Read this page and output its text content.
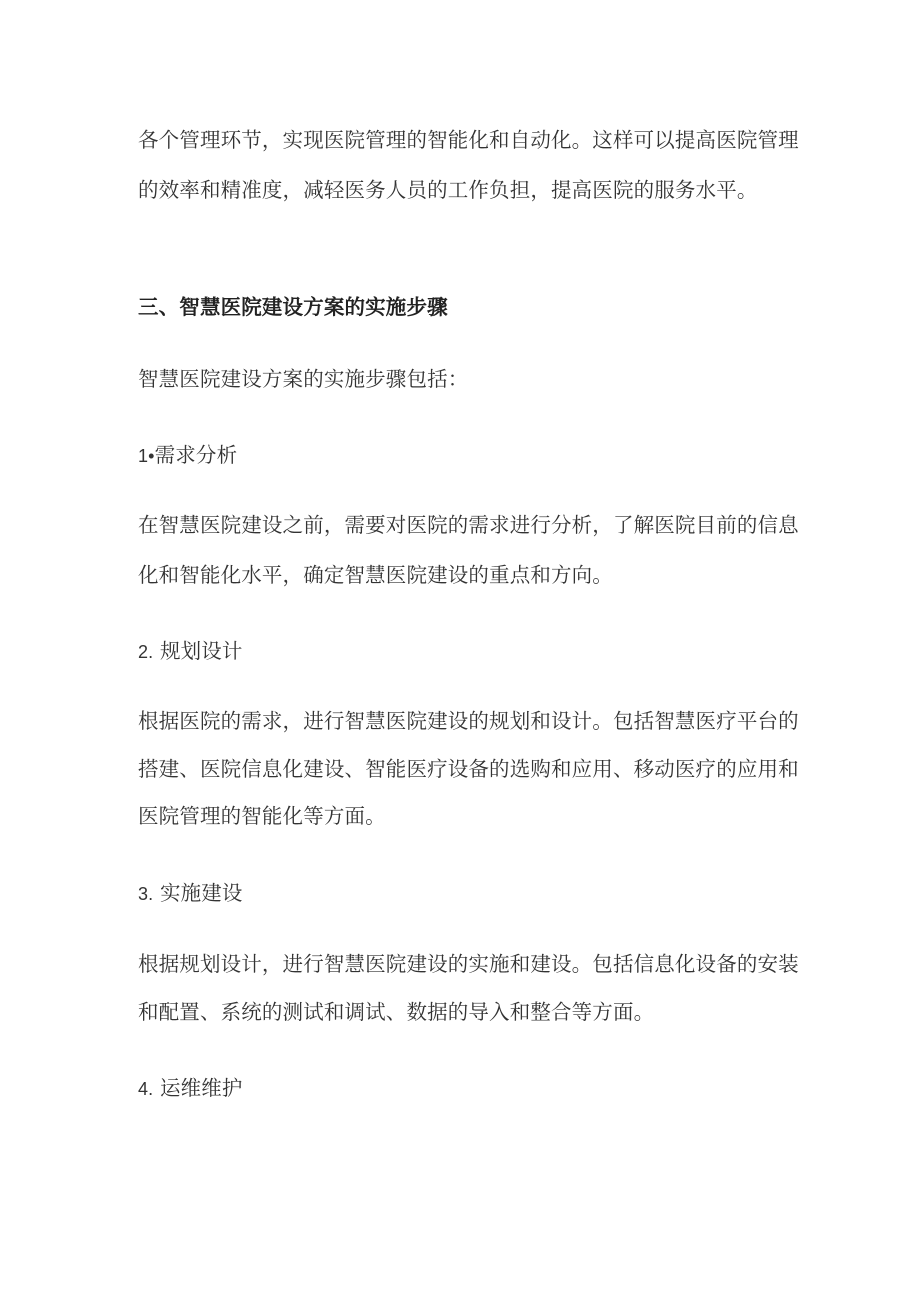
各个管理环节，实现医院管理的智能化和自动化。这样可以提高医院管理
的效率和精准度，减轻医务人员的工作负担，提高医院的服务水平。
三、智慧医院建设方案的实施步骤
智慧医院建设方案的实施步骤包括：
1•需求分析
在智慧医院建设之前，需要对医院的需求进行分析，了解医院目前的信息
化和智能化水平，确定智慧医院建设的重点和方向。
2. 规划设计
根据医院的需求，进行智慧医院建设的规划和设计。包括智慧医疗平台的
搭建、医院信息化建设、智能医疗设备的选购和应用、移动医疗的应用和
医院管理的智能化等方面。
3. 实施建设
根据规划设计，进行智慧医院建设的实施和建设。包括信息化设备的安装
和配置、系统的测试和调试、数据的导入和整合等方面。
4. 运维维护
